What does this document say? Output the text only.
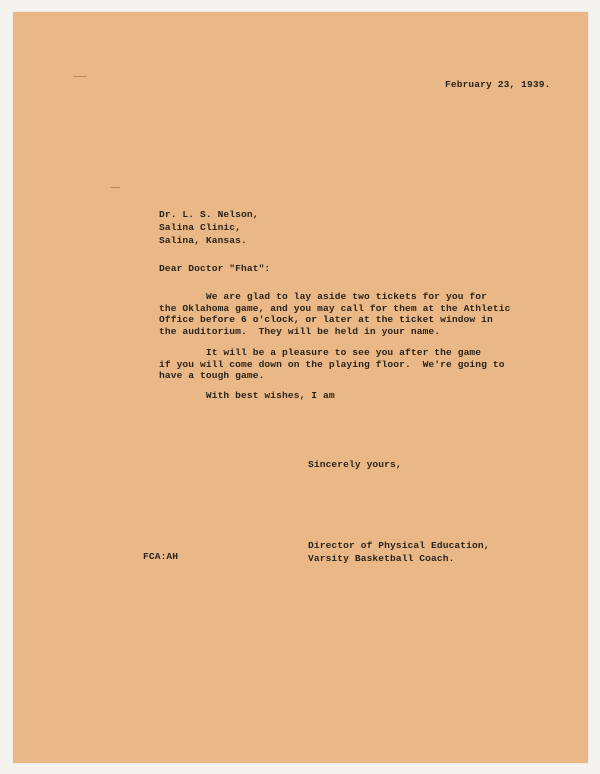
February 23, 1939.
Dr. L. S. Nelson,
Salina Clinic,
Salina, Kansas.
Dear Doctor "Fhat":
We are glad to lay aside two tickets for you for
the Oklahoma game, and you may call for them at the Athletic
Office before 6 o'clock, or later at the ticket window in
the auditorium.  They will be held in your name.
It will be a pleasure to see you after the game
if you will come down on the playing floor.  We're going to
have a tough game.
With best wishes, I am
Sincerely yours,
Director of Physical Education,
Varsity Basketball Coach.
FCA:AH
